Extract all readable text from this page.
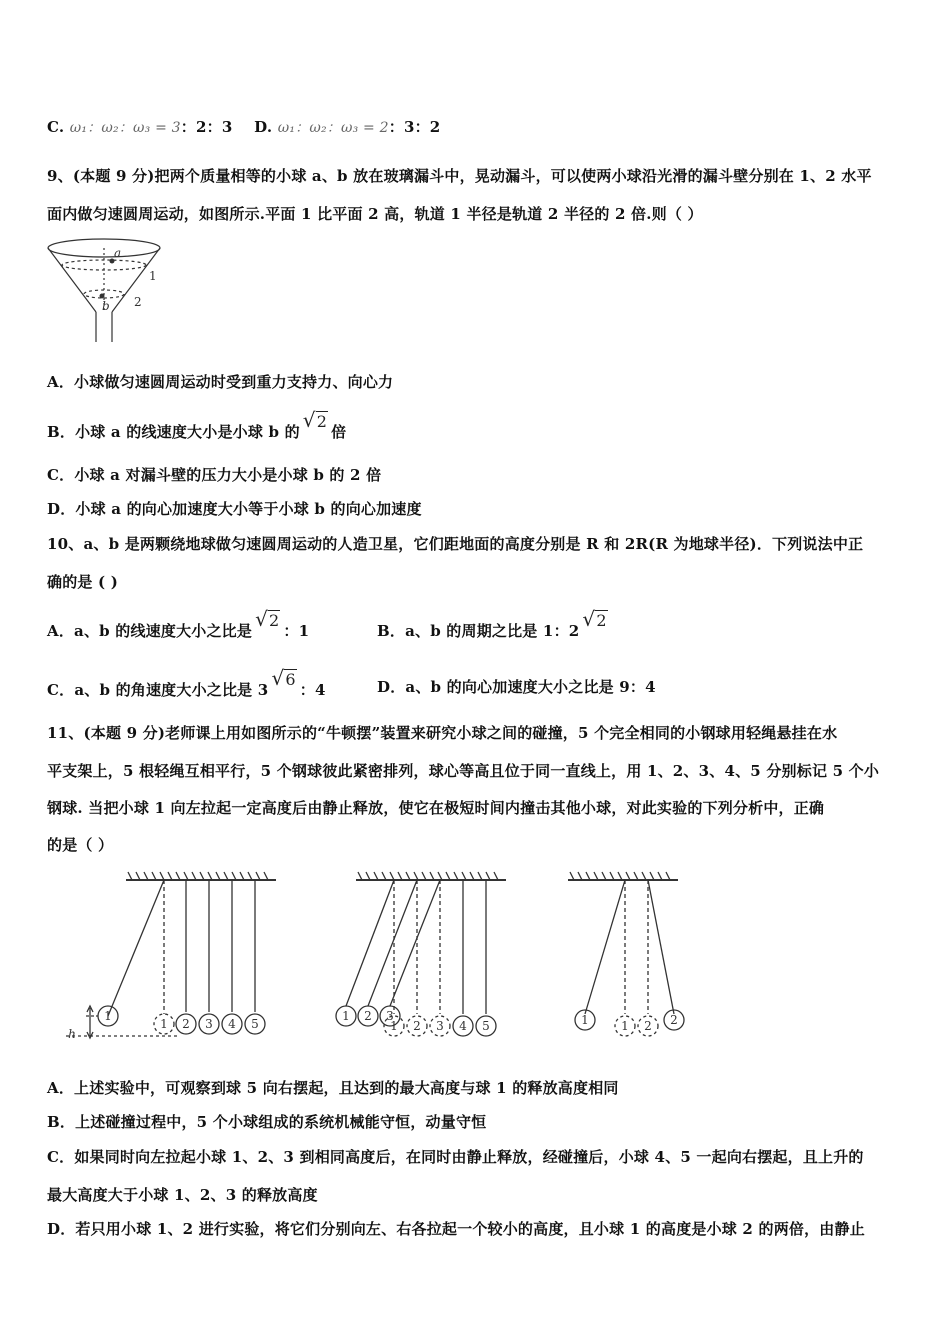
C. ω₁：ω₂：ω₃ = 3：2：3 D. ω₁：ω₂：ω₃ = 2：3：2
9、(本题 9 分)把两个质量相等的小球 a、b 放在玻璃漏斗中，晃动漏斗，可以使两小球沿光滑的漏斗壁分别在 1、2 水平
面内做匀速圆周运动，如图所示.平面 1 比平面 2 高，轨道 1 半径是轨道 2 半径的 2 倍.则（ ）
a
b
1
2
A．小球做匀速圆周运动时受到重力支持力、向心力
B．小球 a 的线速度大小是小球 b 的 √2倍
C．小球 a 对漏斗壁的压力大小是小球 b 的 2 倍
D．小球 a 的向心加速度大小等于小球 b 的向心加速度
10、a、b 是两颗绕地球做匀速圆周运动的人造卫星，它们距地面的高度分别是 R 和 2R(R 为地球半径)．下列说法中正
确的是 ( )
A．a、b 的线速度大小之比是 √2：1	B．a、b 的周期之比是 1：2 √2
C．a、b 的角速度大小之比是 3 √6：4	D．a、b 的向心加速度大小之比是 9：4
11、(本题 9 分)老师课上用如图所示的“牛顿摆”装置来研究小球之间的碰撞，5 个完全相同的小钢球用轻绳悬挂在水
平支架上，5 根轻绳互相平行，5 个钢球彼此紧密排列，球心等高且位于同一直线上，用 1、2、3、4、5 分别标记 5 个小
钢球. 当把小球 1 向左拉起一定高度后由静止释放，使它在极短时间内撞击其他小球，对此实验的下列分析中，正确
的是（ ）
h
1
1 2 3 4 5
1 2 3
1 2 3 4 5	1	1 2 2
A．上述实验中，可观察到球 5 向右摆起，且达到的最大高度与球 1 的释放高度相同
B．上述碰撞过程中，5 个小球组成的系统机械能守恒，动量守恒
C．如果同时向左拉起小球 1、2、3 到相同高度后，在同时由静止释放，经碰撞后，小球 4、5 一起向右摆起，且上升的
最大高度大于小球 1、2、3 的释放高度
D．若只用小球 1、2 进行实验，将它们分别向左、右各拉起一个较小的高度，且小球 1 的高度是小球 2 的两倍，由静止
